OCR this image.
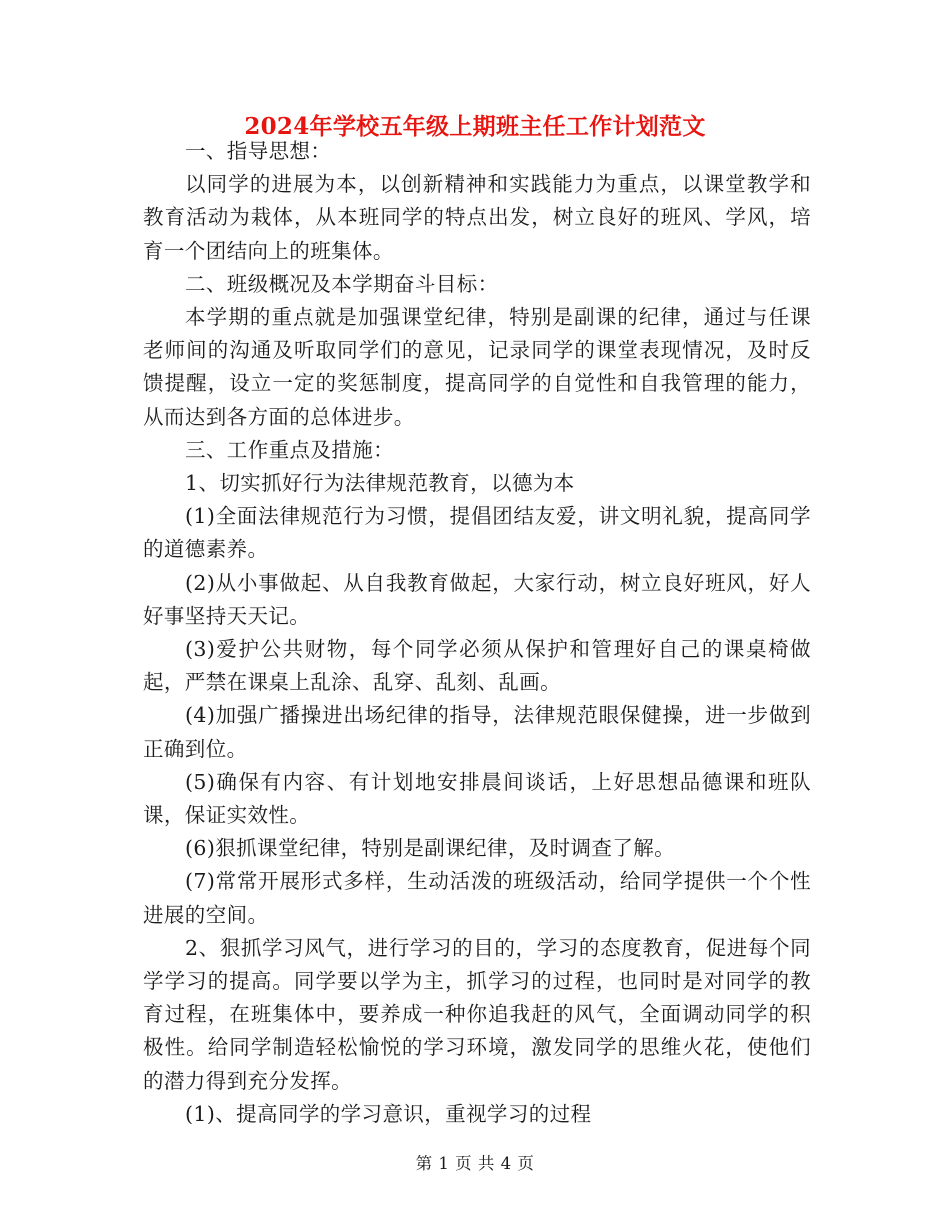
2024年学校五年级上期班主任工作计划范文

一、指导思想：

以同学的进展为本，以创新精神和实践能力为重点，以课堂教学和教育活动为栽体，从本班同学的特点出发，树立良好的班风、学风，培育一个团结向上的班集体。

二、班级概况及本学期奋斗目标：

本学期的重点就是加强课堂纪律，特别是副课的纪律，通过与任课老师间的沟通及听取同学们的意见，记录同学的课堂表现情况，及时反馈提醒，设立一定的奖惩制度，提高同学的自觉性和自我管理的能力，从而达到各方面的总体进步。

三、工作重点及措施：

1、切实抓好行为法律规范教育，以德为本

(1)全面法律规范行为习惯，提倡团结友爱，讲文明礼貌，提高同学的道德素养。

(2)从小事做起、从自我教育做起，大家行动，树立良好班风，好人好事坚持天天记。

(3)爱护公共财物，每个同学必须从保护和管理好自己的课桌椅做起，严禁在课桌上乱涂、乱穿、乱刻、乱画。

(4)加强广播操进出场纪律的指导，法律规范眼保健操，进一步做到正确到位。

(5)确保有内容、有计划地安排晨间谈话，上好思想品德课和班队课，保证实效性。

(6)狠抓课堂纪律，特别是副课纪律，及时调查了解。

(7)常常开展形式多样，生动活泼的班级活动，给同学提供一个个性进展的空间。

2、狠抓学习风气，进行学习的目的，学习的态度教育，促进每个同学学习的提高。同学要以学为主，抓学习的过程，也同时是对同学的教育过程，在班集体中，要养成一种你追我赶的风气，全面调动同学的积极性。给同学制造轻松愉悦的学习环境，激发同学的思维火花，使他们的潜力得到充分发挥。

(1)、提高同学的学习意识，重视学习的过程

第 1 页 共 4 页
